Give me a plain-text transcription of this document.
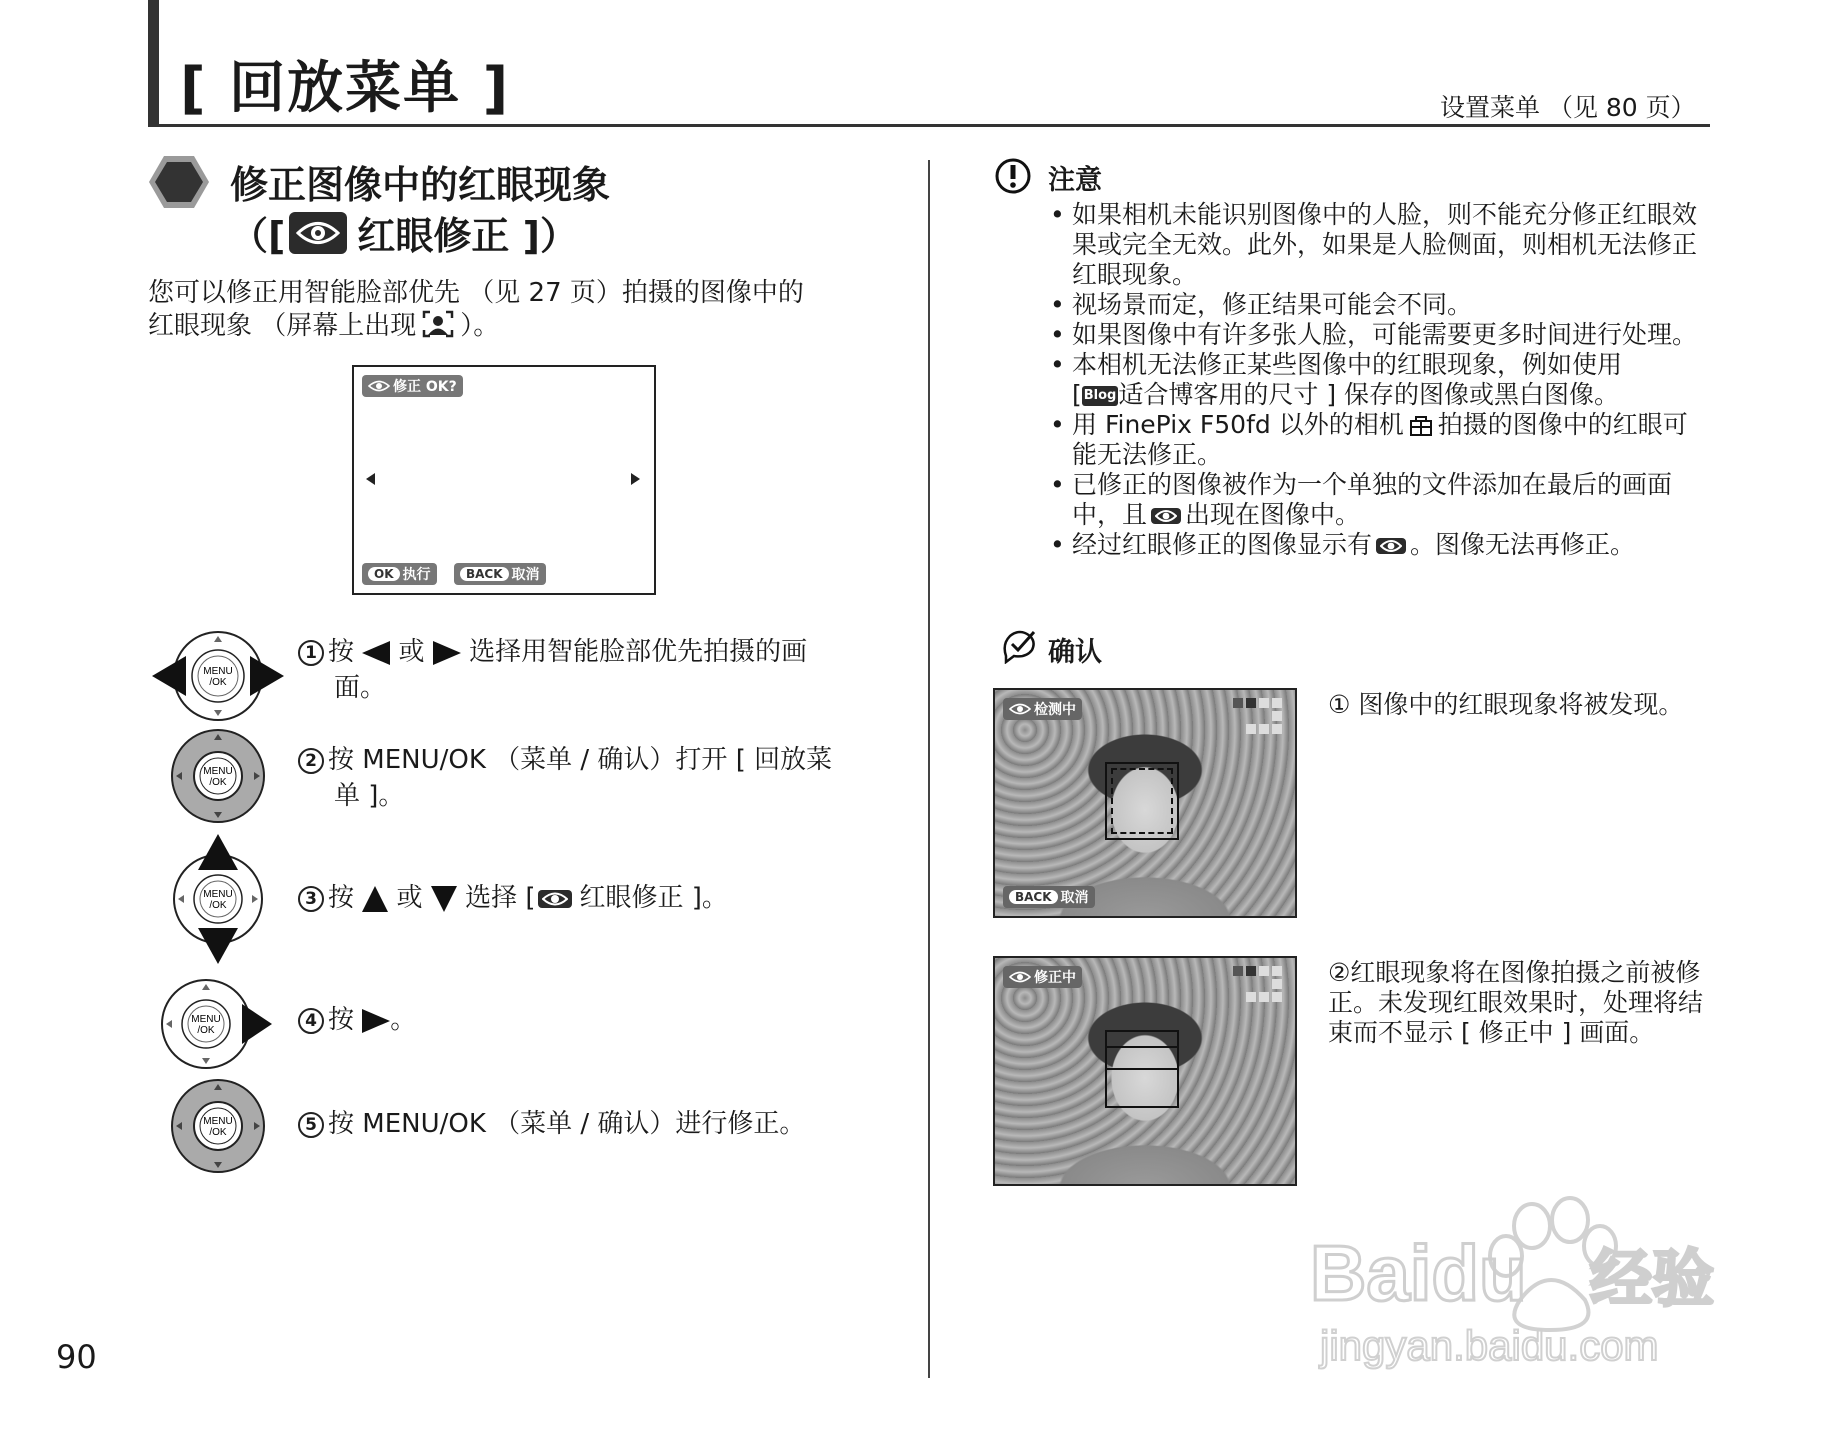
[ 回放菜单 ]	设置菜单 （见 80 页）
修正图像中的红眼现象
（[ 红眼修正 ]）
您可以修正用智能脸部优先 （见 27 页）拍摄的图像中的
红眼现象 （屏幕上出现 ）。
修正 OK?
OK 执行	BACK 取消
MENU /OK
MENU /OK
MENU /OK
MENU /OK
MENU /OK
1 按 或 选择用智能脸部优先拍摄的画
面。
2 按 MENU/OK （菜单 / 确认）打开 [ 回放菜
单 ]。
3 按 或 选择 [ 红眼修正 ]。
4 按 。
5 按 MENU/OK （菜单 / 确认）进行修正。
注意
• 如果相机未能识别图像中的人脸，则不能充分修正红眼效果或完全无效。此外，如果是人脸侧面，则相机无法修正红眼现象。
• 视场景而定，修正结果可能会不同。
• 如果图像中有许多张人脸，可能需要更多时间进行处理。
• 本相机无法修正某些图像中的红眼现象，例如使用
[ Blog适合博客用的尺寸 ] 保存的图像或黑白图像。
• 用 FinePix F50fd 以外的相机 拍摄的图像中的红眼可能无法修正。
• 已修正的图像被作为一个单独的文件添加在最后的画面中，且 出现在图像中。
• 经过红眼修正的图像显示有 。图像无法再修正。
确认
检测中
BACK 取消
① 图像中的红眼现象将被发现。
修正中	②红眼现象将在图像拍摄之前被修正。未发现红眼效果时，处理将结束而不显示 [ 修正中 ] 画面。
90
Baidu 经验
jingyan.baidu.com
